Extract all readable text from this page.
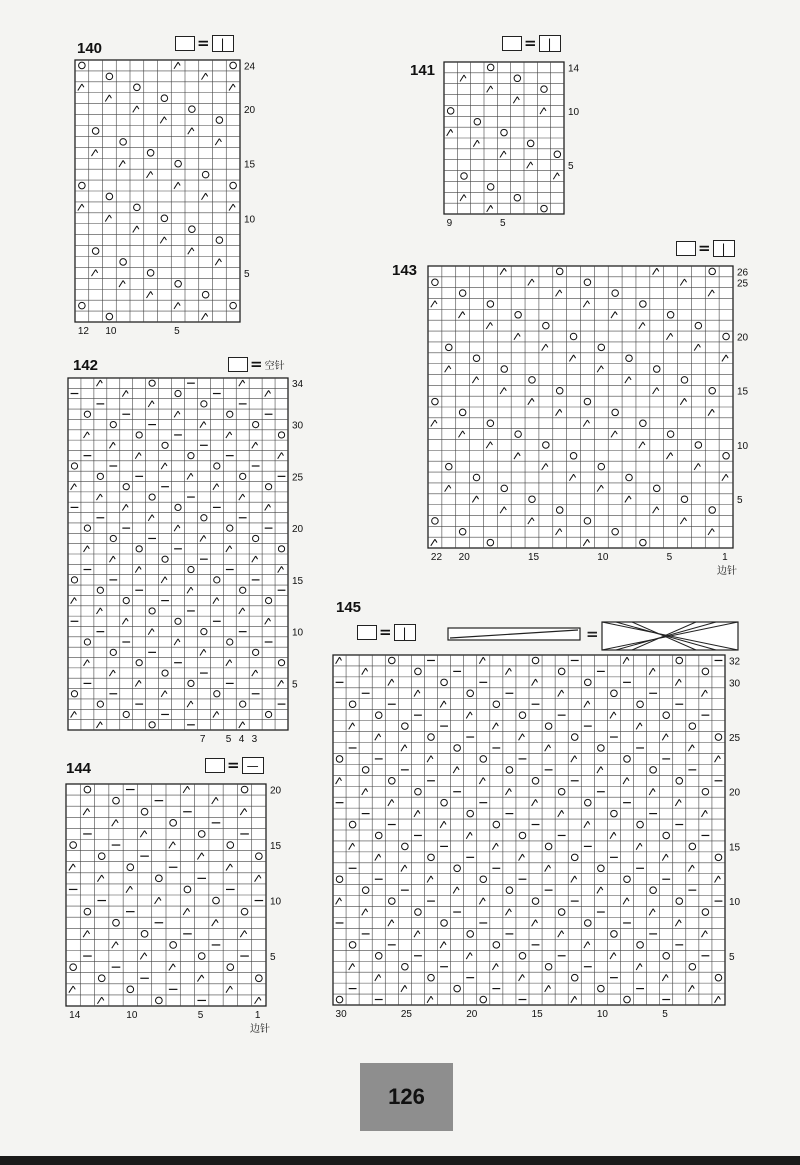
140	= |
24
20
15
10
5
12 10	5
141
= |
14
10
5
9	5
142	= 空针
34
30
25
20
15
10
5
7 5 4 3
143
= |
26
25
20
15
10
5
22 20	15	10	5	1
边针
144	= —
20
15
10
5
14	10	5	1
边针
145
= |	=
32
30
25
20
15
10
5
30	25	20	15	10	5
126
